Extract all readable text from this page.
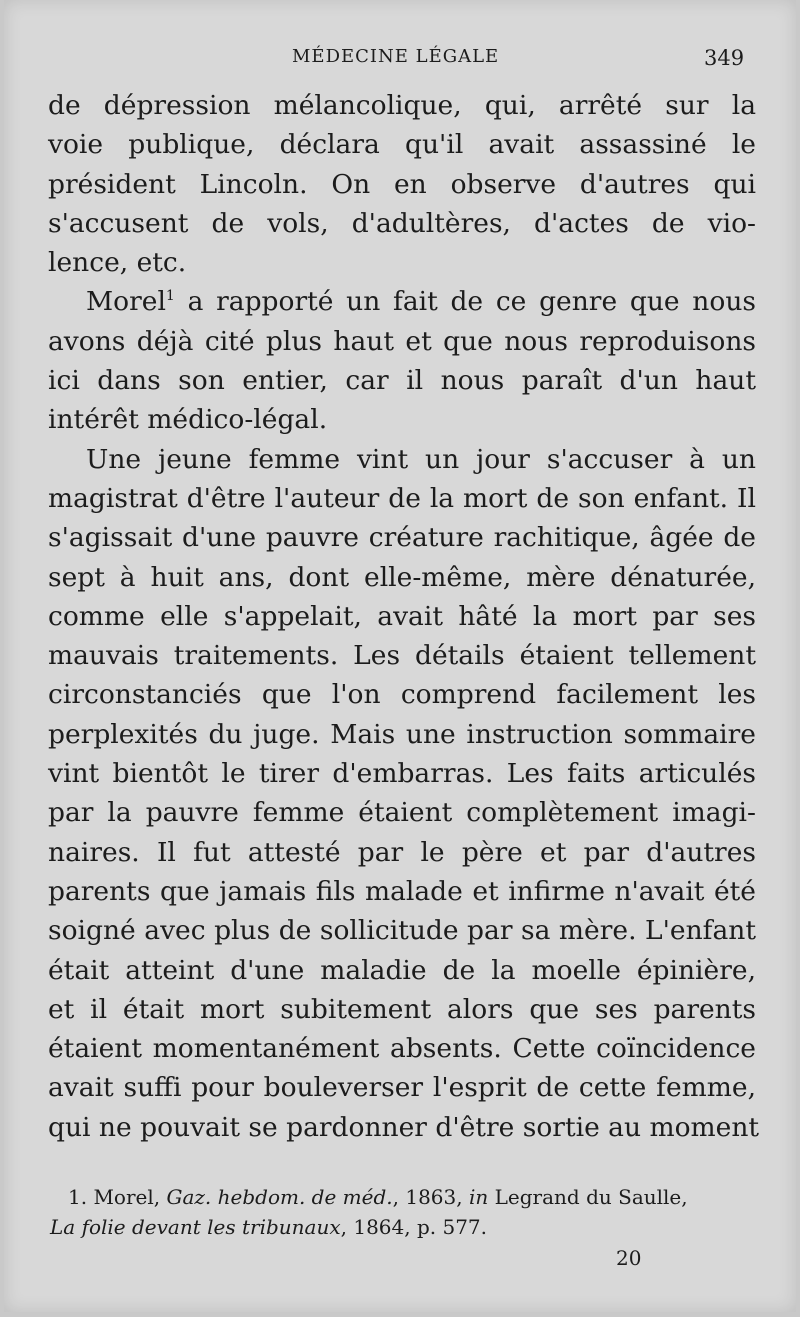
MÉDECINE LÉGALE	349
de dépression mélancolique, qui, arrêté sur la
voie publique, déclara qu'il avait assassiné le
président Lincoln. On en observe d'autres qui
s'accusent de vols, d'adultères, d'actes de vio-
lence, etc.
Morel$^1$ a rapporté un fait de ce genre que nous
avons déjà cité plus haut et que nous reproduisons
ici dans son entier, car il nous paraît d'un haut
intérêt médico-légal.
Une jeune femme vint un jour s'accuser à un
magistrat d'être l'auteur de la mort de son enfant. Il
s'agissait d'une pauvre créature rachitique, âgée de
sept à huit ans, dont elle-même, mère dénaturée,
comme elle s'appelait, avait hâté la mort par ses
mauvais traitements. Les détails étaient tellement
circonstanciés que l'on comprend facilement les
perplexités du juge. Mais une instruction sommaire
vint bientôt le tirer d'embarras. Les faits articulés
par la pauvre femme étaient complètement imagi-
naires. Il fut attesté par le père et par d'autres
parents que jamais fils malade et infirme n'avait été
soigné avec plus de sollicitude par sa mère. L'enfant
était atteint d'une maladie de la moelle épinière,
et il était mort subitement alors que ses parents
étaient momentanément absents. Cette coïncidence
avait suffi pour bouleverser l'esprit de cette femme,
qui ne pouvait se pardonner d'être sortie au moment
1. Morel, Gaz. hebdom. de méd., 1863, in Legrand du Saulle,
La folie devant les tribunaux, 1864, p. 577.
20
